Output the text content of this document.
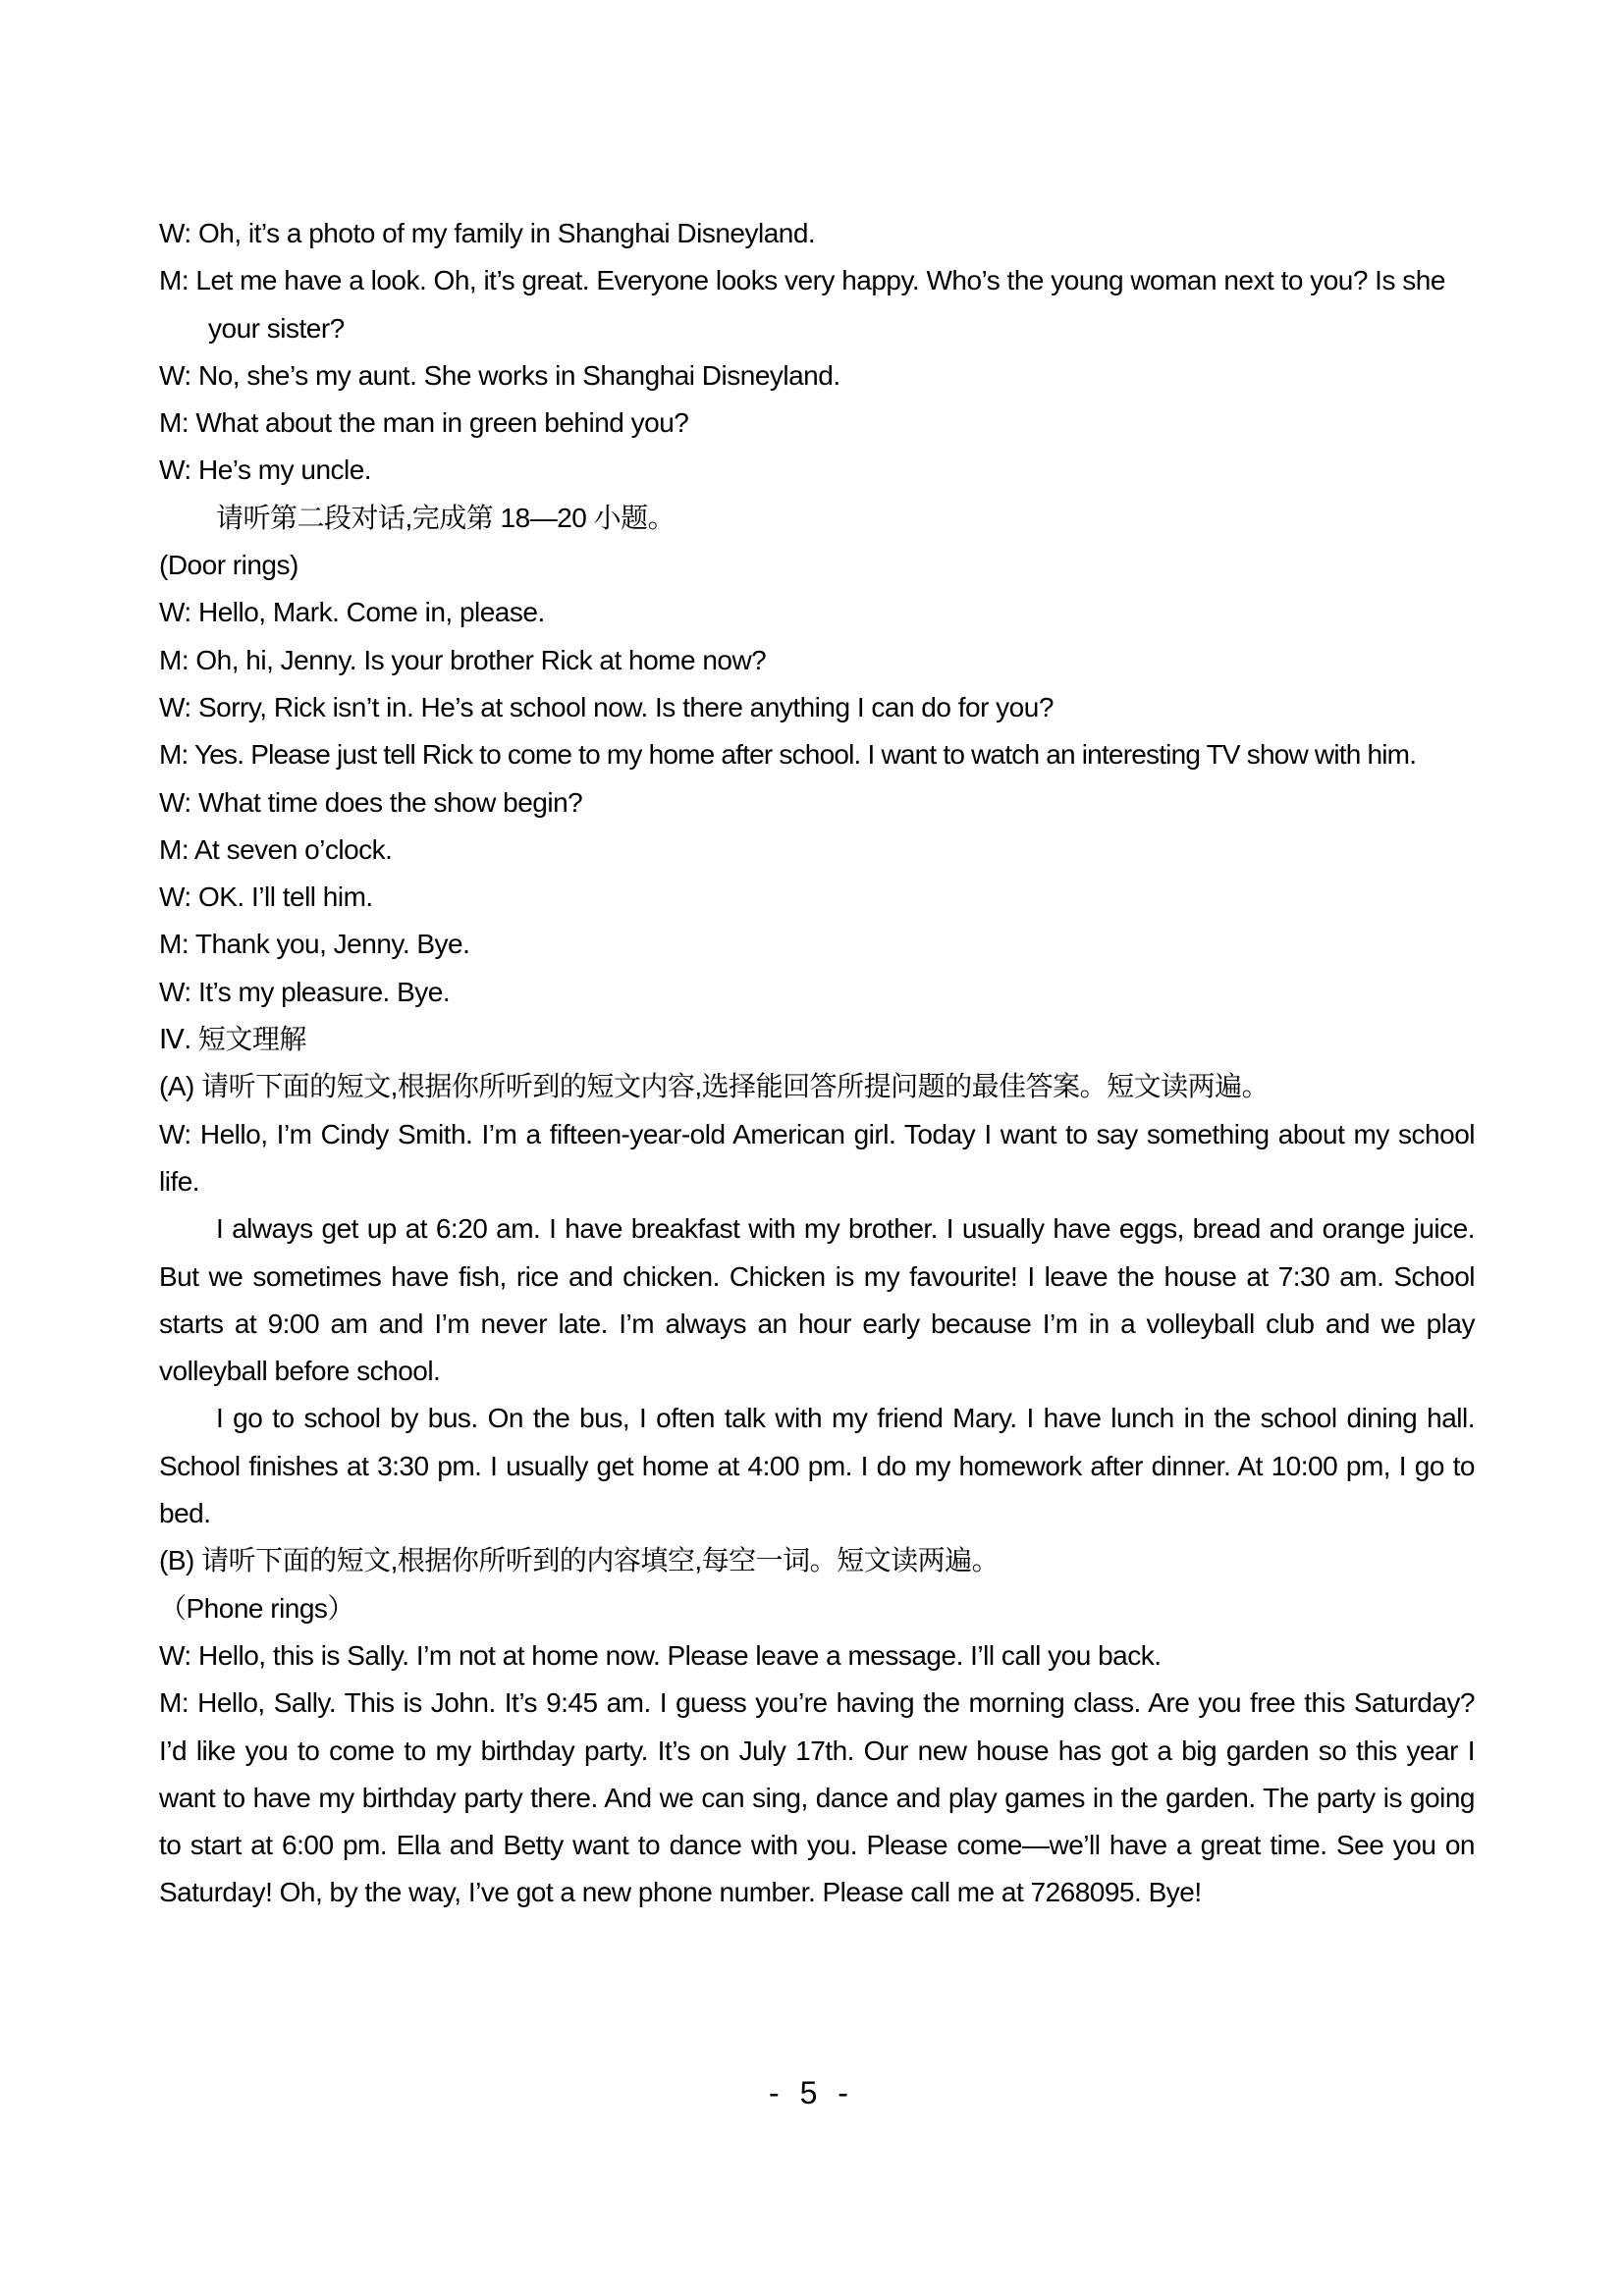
W: Oh, it’s a photo of my family in Shanghai Disneyland.
M: Let me have a look. Oh, it’s great. Everyone looks very happy. Who’s the young woman next to you? Is she
your sister?
W: No, she’s my aunt. She works in Shanghai Disneyland.
M: What about the man in green behind you?
W: He’s my uncle.
请听第二段对话,完成第 18—20 小题。
(Door rings)
W: Hello, Mark. Come in, please.
M: Oh, hi, Jenny. Is your brother Rick at home now?
W: Sorry, Rick isn’t in. He’s at school now. Is there anything I can do for you?
M: Yes. Please just tell Rick to come to my home after school. I want to watch an interesting TV show with him.
W: What time does the show begin?
M: At seven o’clock.
W: OK. I’ll tell him.
M: Thank you, Jenny. Bye.
W: It’s my pleasure. Bye.
Ⅳ. 短文理解
(A) 请听下面的短文,根据你所听到的短文内容,选择能回答所提问题的最佳答案。短文读两遍。
W: Hello, I’m Cindy Smith. I’m a fifteen-year-old American girl. Today I want to say something about my school life.
I always get up at 6:20 am. I have breakfast with my brother. I usually have eggs, bread and orange juice. But we sometimes have fish, rice and chicken. Chicken is my favourite! I leave the house at 7:30 am. School starts at 9:00 am and I’m never late. I’m always an hour early because I’m in a volleyball club and we play volleyball before school.
I go to school by bus. On the bus, I often talk with my friend Mary. I have lunch in the school dining hall. School finishes at 3:30 pm. I usually get home at 4:00 pm. I do my homework after dinner. At 10:00 pm, I go to bed.
(B) 请听下面的短文,根据你所听到的内容填空,每空一词。短文读两遍。
（Phone rings）
W: Hello, this is Sally. I’m not at home now. Please leave a message. I’ll call you back.
M: Hello, Sally. This is John. It’s 9:45 am. I guess you’re having the morning class. Are you free this Saturday? I’d like you to come to my birthday party. It’s on July 17th. Our new house has got a big garden so this year I want to have my birthday party there. And we can sing, dance and play games in the garden. The party is going to start at 6:00 pm. Ella and Betty want to dance with you. Please come—we’ll have a great time. See you on Saturday! Oh, by the way, I’ve got a new phone number. Please call me at 7268095. Bye!
- 5 -
